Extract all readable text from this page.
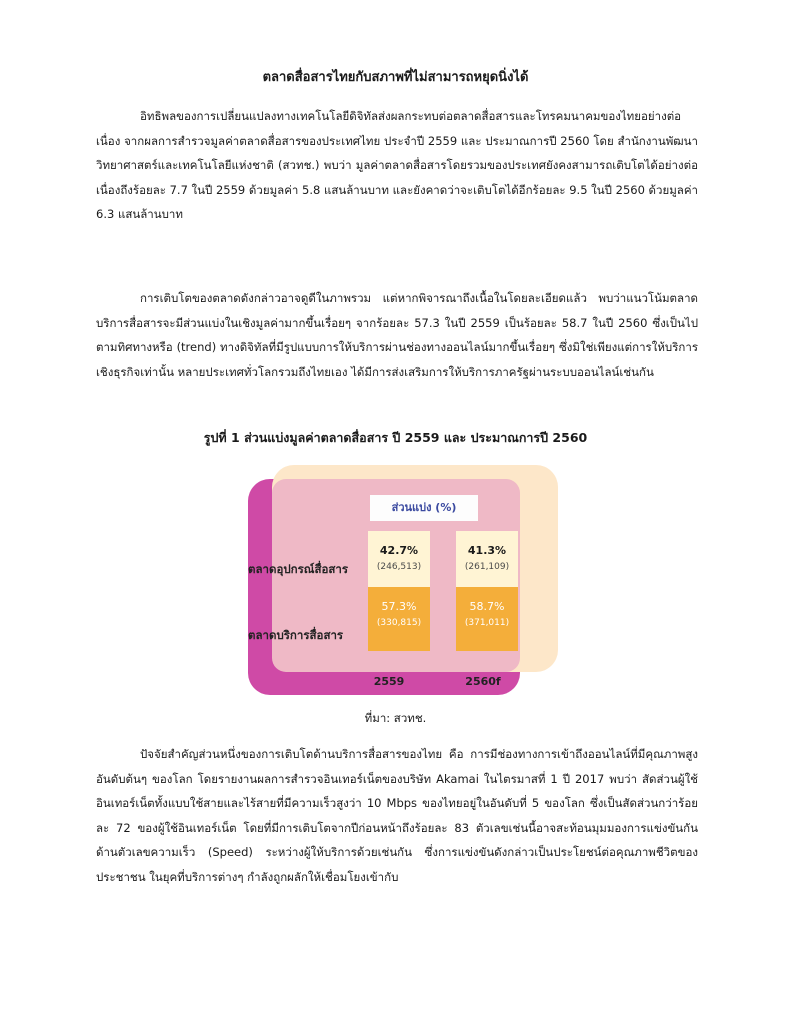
ตลาดสื่อสารไทยกับสภาพที่ไม่สามารถหยุดนิ่งได้

อิทธิพลของการเปลี่ยนแปลงทางเทคโนโลยีดิจิทัลส่งผลกระทบต่อตลาดสื่อสารและโทรคมนาคมของไทยอย่างต่อเนื่อง จากผลการสำรวจมูลค่าตลาดสื่อสารของประเทศไทย ประจำปี 2559 และ ประมาณการปี 2560 โดย สำนักงานพัฒนาวิทยาศาสตร์และเทคโนโลยีแห่งชาติ (สวทช.) พบว่า มูลค่าตลาดสื่อสารโดยรวมของประเทศยังคงสามารถเติบโตได้อย่างต่อเนื่องถึงร้อยละ 7.7 ในปี 2559 ด้วยมูลค่า 5.8 แสนล้านบาท และยังคาดว่าจะเติบโตได้อีกร้อยละ 9.5 ในปี 2560 ด้วยมูลค่า 6.3 แสนล้านบาท

การเติบโตของตลาดดังกล่าวอาจดูดีในภาพรวม แต่หากพิจารณาถึงเนื้อในโดยละเอียดแล้ว พบว่าแนวโน้มตลาดบริการสื่อสารจะมีส่วนแบ่งในเชิงมูลค่ามากขึ้นเรื่อยๆ จากร้อยละ 57.3 ในปี 2559 เป็นร้อยละ 58.7 ในปี 2560 ซึ่งเป็นไปตามทิศทางหรือ (trend) ทางดิจิทัลที่มีรูปแบบการให้บริการผ่านช่องทางออนไลน์มากขึ้นเรื่อยๆ ซึ่งมิใช่เพียงแต่การให้บริการเชิงธุรกิจเท่านั้น หลายประเทศทั่วโลกรวมถึงไทยเอง ได้มีการส่งเสริมการให้บริการภาครัฐผ่านระบบออนไลน์เช่นกัน

รูปที่ 1 ส่วนแบ่งมูลค่าตลาดสื่อสาร ปี 2559 และ ประมาณการปี 2560
ส่วนแบ่ง (%)
42.7%
(246,513)
57.3%
(330,815)
41.3%
(261,109)
58.7%
(371,011)
ตลาดอุปกรณ์สื่อสาร
ตลาดบริการสื่อสาร
2559	2560f
ที่มา: สวทช.

ปัจจัยสำคัญส่วนหนึ่งของการเติบโตด้านบริการสื่อสารของไทย คือ การมีช่องทางการเข้าถึงออนไลน์ที่มีคุณภาพสูงอันดับต้นๆ ของโลก โดยรายงานผลการสำรวจอินเทอร์เน็ตของบริษัท Akamai ในไตรมาสที่ 1 ปี 2017 พบว่า สัดส่วนผู้ใช้อินเทอร์เน็ตทั้งแบบใช้สายและไร้สายที่มีความเร็วสูงว่า 10 Mbps ของไทยอยู่ในอันดับที่ 5 ของโลก ซึ่งเป็นสัดส่วนกว่าร้อยละ 72 ของผู้ใช้อินเทอร์เน็ต โดยที่มีการเติบโตจากปีก่อนหน้าถึงร้อยละ 83 ตัวเลขเช่นนี้อาจสะท้อนมุมมองการแข่งขันกันด้านตัวเลขความเร็ว (Speed) ระหว่างผู้ให้บริการด้วยเช่นกัน ซึ่งการแข่งขันดังกล่าวเป็นประโยชน์ต่อคุณภาพชีวิตของประชาชน ในยุคที่บริการต่างๆ กำลังถูกผลักให้เชื่อมโยงเข้ากับ
